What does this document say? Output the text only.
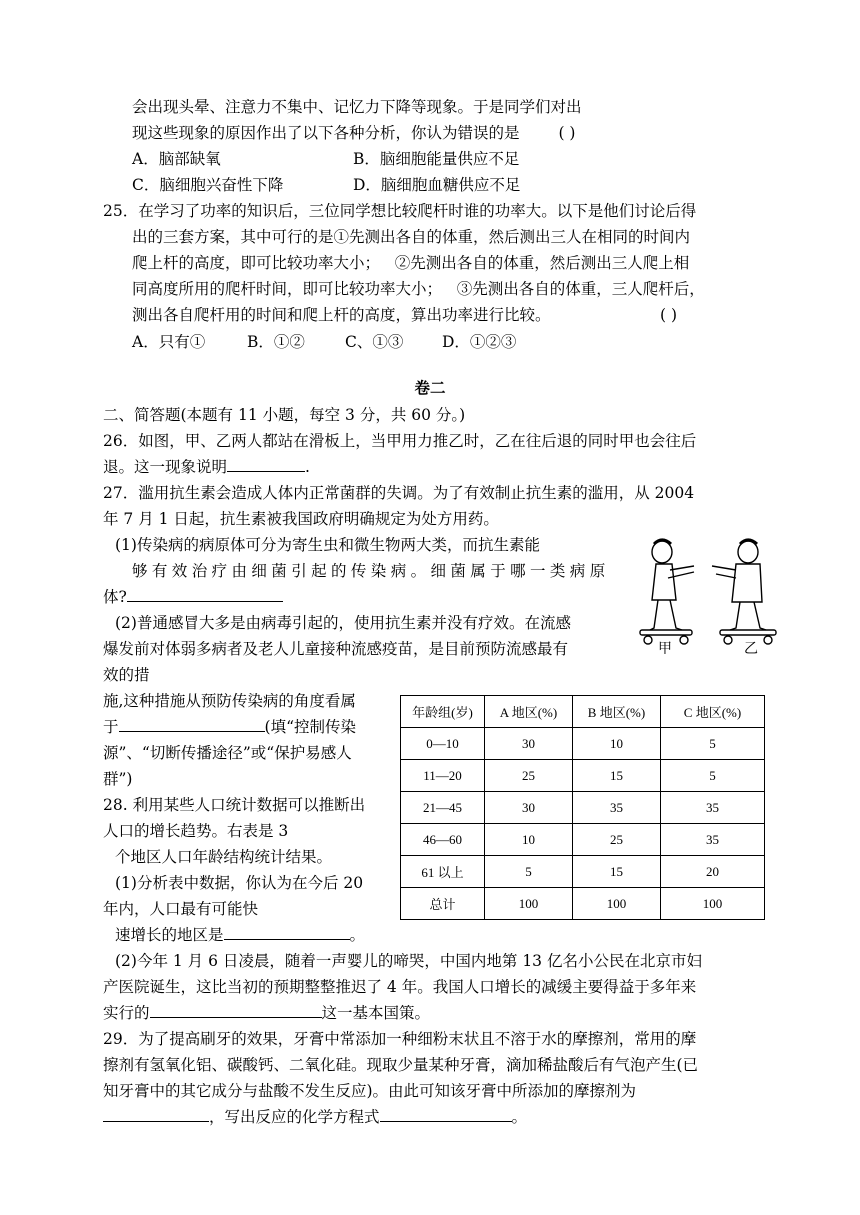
会出现头晕、注意力不集中、记忆力下降等现象。于是同学们对出
现这些现象的原因作出了以下各种分析，你认为错误的是	( )
A．脑部缺氧	B．脑细胞能量供应不足
C．脑细胞兴奋性下降	D．脑细胞血糖供应不足
25．在学习了功率的知识后，三位同学想比较爬杆时谁的功率大。以下是他们讨论后得
出的三套方案，其中可行的是①先测出各自的体重，然后测出三人在相同的时间内
爬上杆的高度，即可比较功率大小；   ②先测出各自的体重，然后测出三人爬上相
同高度所用的爬杆时间，即可比较功率大小；   ③先测出各自的体重，三人爬杆后，
测出各自爬杆用的时间和爬上杆的高度，算出功率进行比较。	( )
A．只有①	B．①②	C、①③ D．①②③
卷二
二、简答题(本题有 11 小题，每空 3 分，共 60 分。)
26．如图，甲、乙两人都站在滑板上，当甲用力推乙时，乙在往后退的同时甲也会往后
退。这一现象说明	.
27．滥用抗生素会造成人体内正常菌群的失调。为了有效制止抗生素的滥用，从 2004
年 7 月 1 日起，抗生素被我国政府明确规定为处方用药。
(1)传染病的病原体可分为寄生虫和微生物两大类，而抗生素能
够有效治疗由细菌引起的传染病。细菌属于哪一类病原
体?
(2)普通感冒大多是由病毒引起的，使用抗生素并没有疗效。在流感
爆发前对体弱多病者及老人儿童接种流感疫苗，是目前预防流感最有
效的措
施,这种措施从预防传染病的角度看属
于	(填“控制传染
源”、“切断传播途径”或“保护易感人
群”)
28. 利用某些人口统计数据可以推断出
人口的增长趋势。右表是 3
个地区人口年龄结构统计结果。
(1)分析表中数据，你认为在今后 20
年内，人口最有可能快
速增长的地区是	。
(2)今年 1 月 6 日凌晨，随着一声婴儿的啼哭，中国内地第 13 亿名小公民在北京市妇
产医院诞生，这比当初的预期整整推迟了 4 年。我国人口增长的减缓主要得益于多年来
实行的	这一基本国策。
29．为了提高刷牙的效果，牙膏中常添加一种细粉末状且不溶于水的摩擦剂，常用的摩
擦剂有氢氧化铝、碳酸钙、二氧化硅。现取少量某种牙膏，滴加稀盐酸后有气泡产生(已
知牙膏中的其它成分与盐酸不发生反应)。由此可知该牙膏中所添加的摩擦剂为
，写出反应的化学方程式	。
甲	乙
年龄组(岁)	A 地区(%)	B 地区(%)	C 地区(%)
0—10	30	10	5
11—20	25	15	5
21—45	30	35	35
46—60	10	25	35
61 以上	5	15	20
总计	100	100	100
